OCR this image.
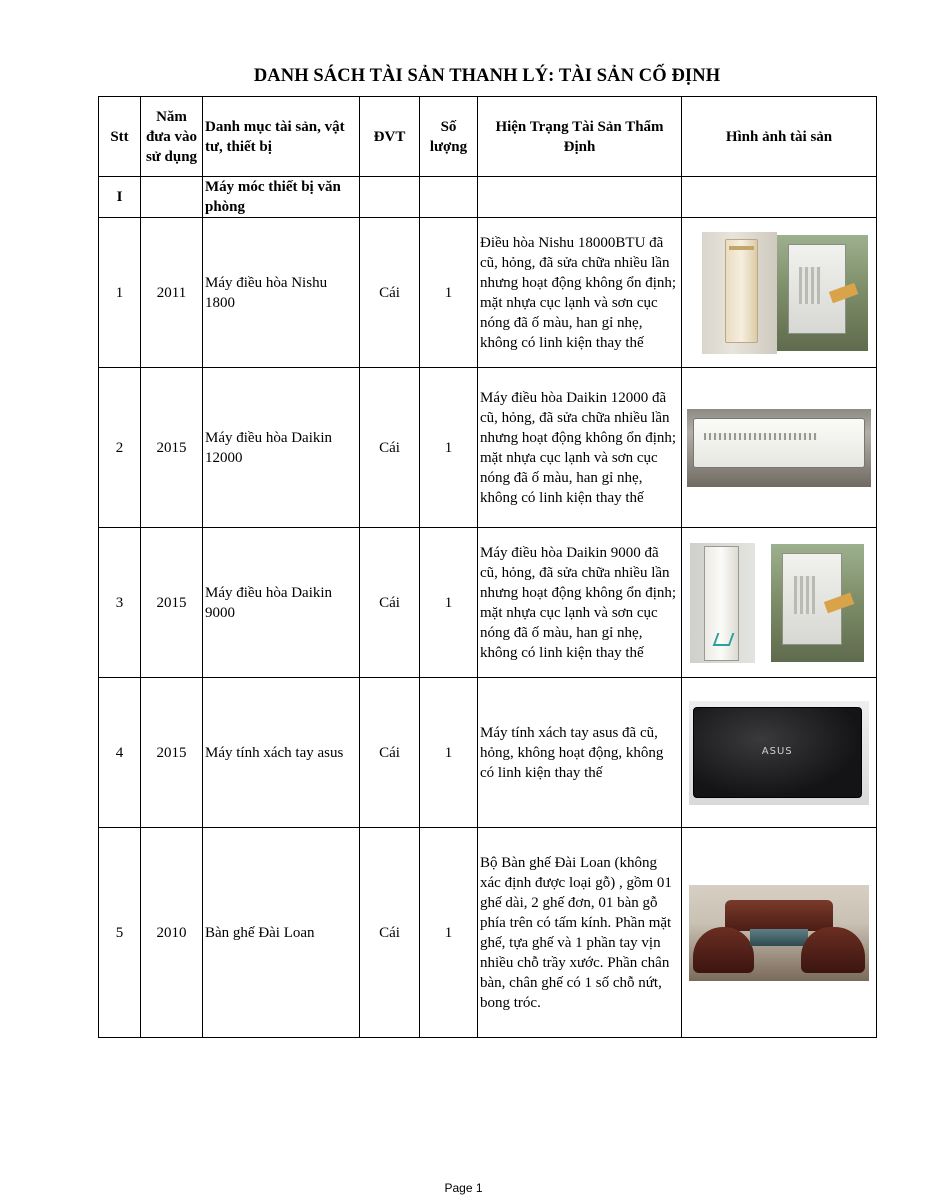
DANH SÁCH TÀI SẢN THANH LÝ: TÀI SẢN CỐ ĐỊNH
Stt	Năm đưa vào sử dụng	Danh mục tài sản, vật tư, thiết bị	ĐVT	Số lượng	Hiện Trạng Tài Sản Thẩm Định	Hình ảnh tài sản
I		Máy móc thiết bị văn phòng				
1	2011	Máy điều hòa Nishu 1800	Cái	1	Điều hòa Nishu 18000BTU đã cũ, hỏng, đã sửa chữa nhiều lần nhưng hoạt động không ổn định; mặt nhựa cục lạnh và sơn cục nóng đã ố màu, han gỉ nhẹ, không có linh kiện thay thế	

2	2015	Máy điều hòa Daikin 12000	Cái	1	Máy điều hòa Daikin 12000 đã cũ, hỏng, đã sửa chữa nhiều lần nhưng hoạt động không ổn định; mặt nhựa cục lạnh và sơn cục nóng đã ố màu, han gỉ nhẹ, không có linh kiện thay thế	

3	2015	Máy điều hòa Daikin 9000	Cái	1	Máy điều hòa Daikin 9000 đã cũ, hỏng, đã sửa chữa nhiều lần nhưng hoạt động không ổn định; mặt nhựa cục lạnh và sơn cục nóng đã ố màu, han gỉ nhẹ, không có linh kiện thay thế	

4	2015	Máy tính xách tay asus	Cái	1	Máy tính xách tay asus đã cũ, hỏng, không hoạt động, không có linh kiện thay thế	ASUS

5	2010	Bàn ghế Đài Loan	Cái	1	Bộ Bàn ghế Đài Loan (không xác định được loại gỗ) , gồm 01 ghế dài, 2 ghế đơn, 01 bàn gỗ phía trên có tấm kính. Phần mặt ghế, tựa ghế và 1 phần tay vịn nhiều chỗ trầy xước. Phần chân bàn, chân ghế có 1 số chỗ nứt, bong tróc.	
Page 1
